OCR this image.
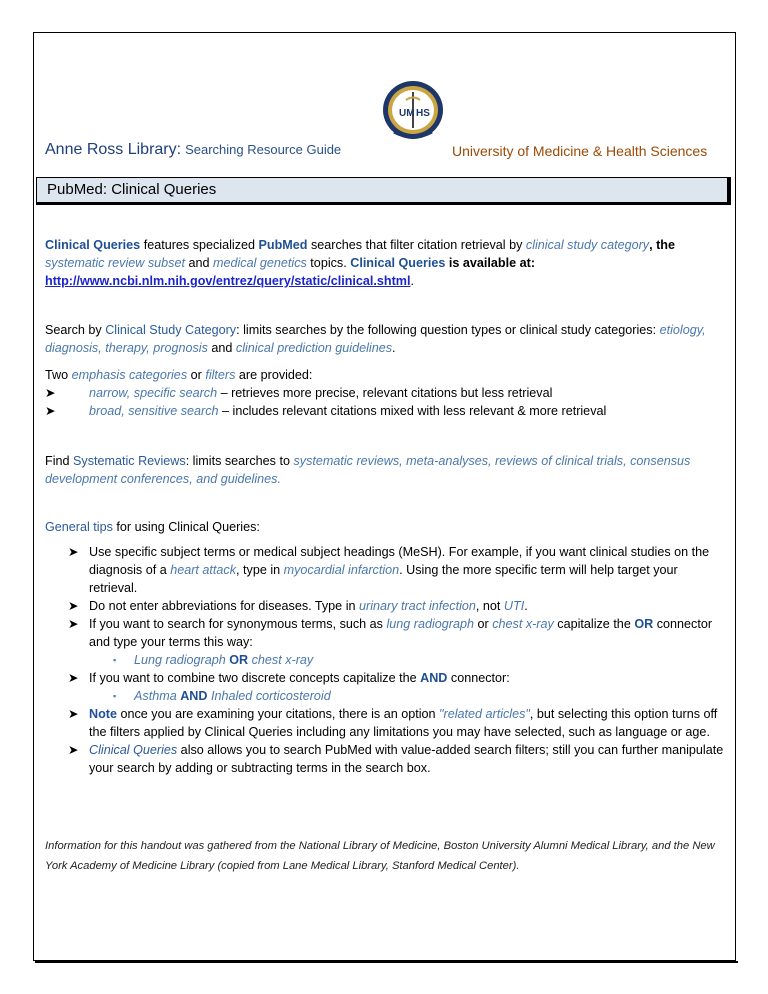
UM HS
Anne Ross Library: Searching Resource Guide	University of Medicine & Health Sciences
PubMed: Clinical Queries
Clinical Queries features specialized PubMed searches that filter citation retrieval by clinical study category, the systematic review subset and medical genetics topics. Clinical Queries is available at:
http://www.ncbi.nlm.nih.gov/entrez/query/static/clinical.shtml.
Search by Clinical Study Category: limits searches by the following question types or clinical study categories: etiology, diagnosis, therapy, prognosis and clinical prediction guidelines.
Two emphasis categories or filters are provided:
➤	narrow, specific search – retrieves more precise, relevant citations but less retrieval
➤	broad, sensitive search – includes relevant citations mixed with less relevant & more retrieval
Find Systematic Reviews: limits searches to systematic reviews, meta-analyses, reviews of clinical trials, consensus development conferences, and guidelines.
General tips for using Clinical Queries:
➤ Use specific subject terms or medical subject headings (MeSH). For example, if you want clinical studies on the diagnosis of a heart attack, type in myocardial infarction. Using the more specific term will help target your retrieval.
➤ Do not enter abbreviations for diseases. Type in urinary tract infection, not UTI.
➤ If you want to search for synonymous terms, such as lung radiograph or chest x-ray capitalize the OR connector and type your terms this way:
▪ Lung radiograph OR chest x-ray
➤ If you want to combine two discrete concepts capitalize the AND connector:
▪ Asthma AND Inhaled corticosteroid
➤ Note once you are examining your citations, there is an option "related articles", but selecting this option turns off the filters applied by Clinical Queries including any limitations you may have selected, such as language or age.
➤ Clinical Queries also allows you to search PubMed with value-added search filters; still you can further manipulate your search by adding or subtracting terms in the search box.
Information for this handout was gathered from the National Library of Medicine, Boston University Alumni Medical Library, and the New York Academy of Medicine Library (copied from Lane Medical Library, Stanford Medical Center).
